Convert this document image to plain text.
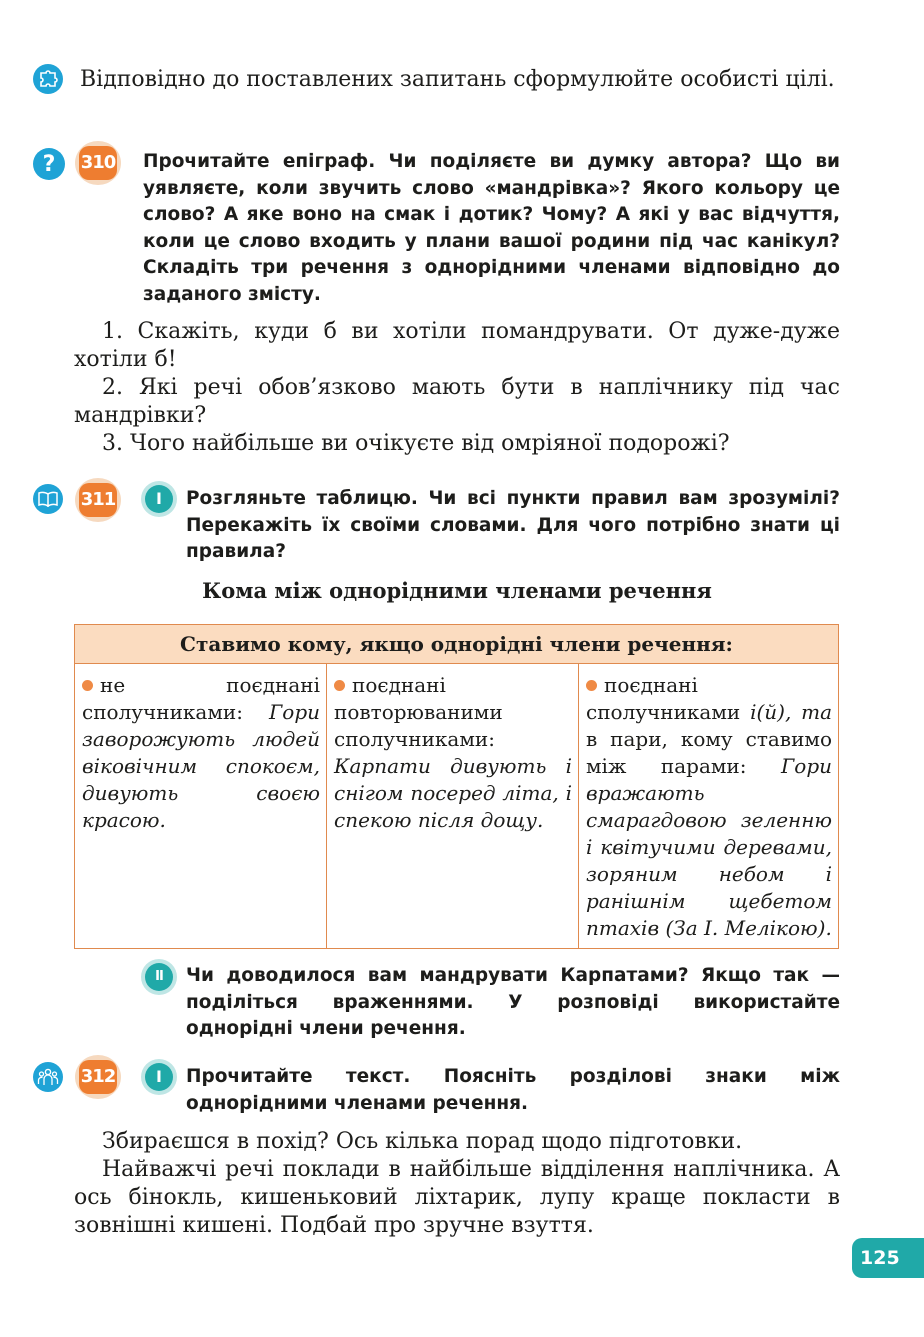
Відповідно до поставлених запитань сформулюйте особисті цілі.

? 310 Прочитайте епіграф. Чи поділяєте ви думку автора? Що ви уявляєте, коли звучить слово «мандрівка»? Якого кольору це слово? А яке воно на смак і дотик? Чому? А які у вас відчуття, коли це слово входить у плани вашої родини під час канікул? Складіть три речення з однорідними членами відповідно до заданого змісту.

1. Скажіть, куди б ви хотіли помандрувати. От дуже-дуже хотіли б!

2. Які речі обов’язково мають бути в наплічнику під час мандрівки?

3. Чого найбільше ви очікуєте від омріяної подорожі?

311	I	Розгляньте таблицю. Чи всі пункти правил вам зрозумілі? Перекажіть їх своїми словами. Для чого потрібно знати ці правила?

Кома між однорідними членами речення

Ставимо кому, якщо однорідні члени речення:
не поєднані сполучниками: Гори заворожують людей віковічним спокоєм, дивують своєю красою.	поєднані повторюваними сполучниками: Карпати дивують і снігом посеред літа, і спекою після дощу.	поєднані сполучниками і(й), та в пари, кому ставимо між парами: Гори вражають смарагдовою зеленню і квітучими деревами, зоряним небом і ранішнім щебетом птахів (За І. Мелікою).
II	Чи доводилося вам мандрувати Карпатами? Якщо так — поділіться враженнями. У розповіді використайте однорідні члени речення.

312	I	Прочитайте текст. Поясніть розділові знаки між однорідними членами речення.

Збираєшся в похід? Ось кілька порад щодо підготовки.

Найважчі речі поклади в найбільше відділення наплічника. А ось бінокль, кишеньковий ліхтарик, лупу краще покласти в зовнішні кишені. Подбай про зручне взуття.

125
